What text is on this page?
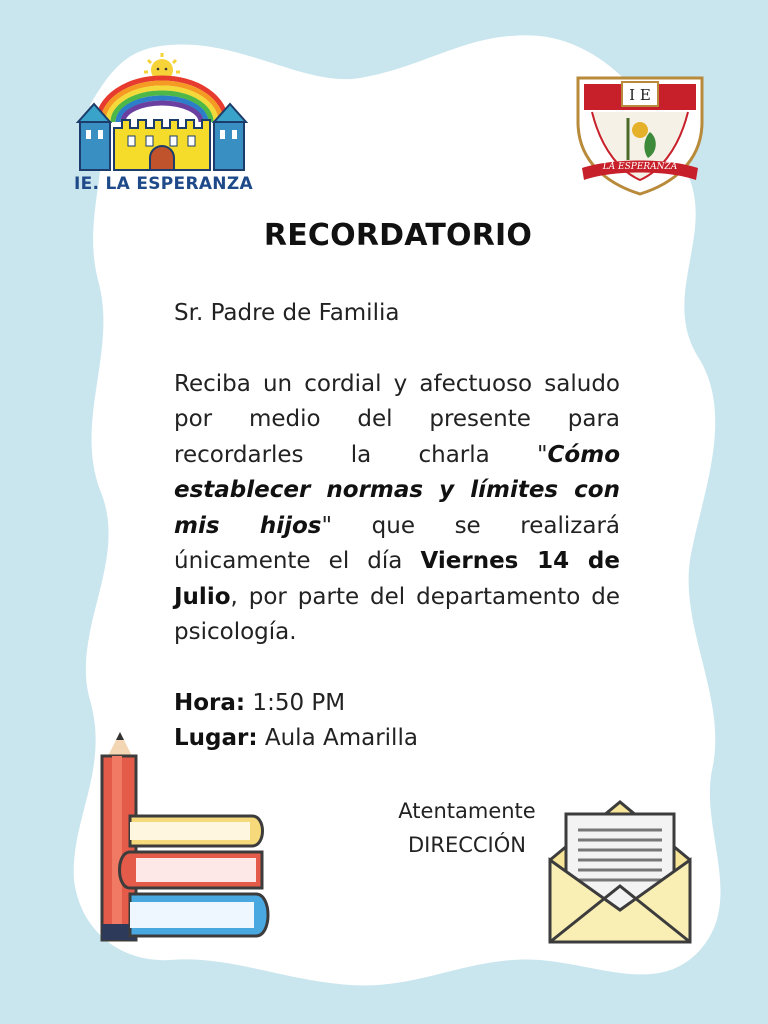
IE. LA ESPERANZA
I E
LA ESPERANZA
RECORDATORIO

Sr. Padre de Familia

Reciba un cordial y afectuoso saludo por medio del presente para recordarles la charla "Cómo establecer normas y límites con mis hijos" que se realizará únicamente el día Viernes 14 de Julio, por parte del departamento de psicología.

Hora: 1:50 PM

Lugar: Aula Amarilla

Atentamente
DIRECCIÓN
